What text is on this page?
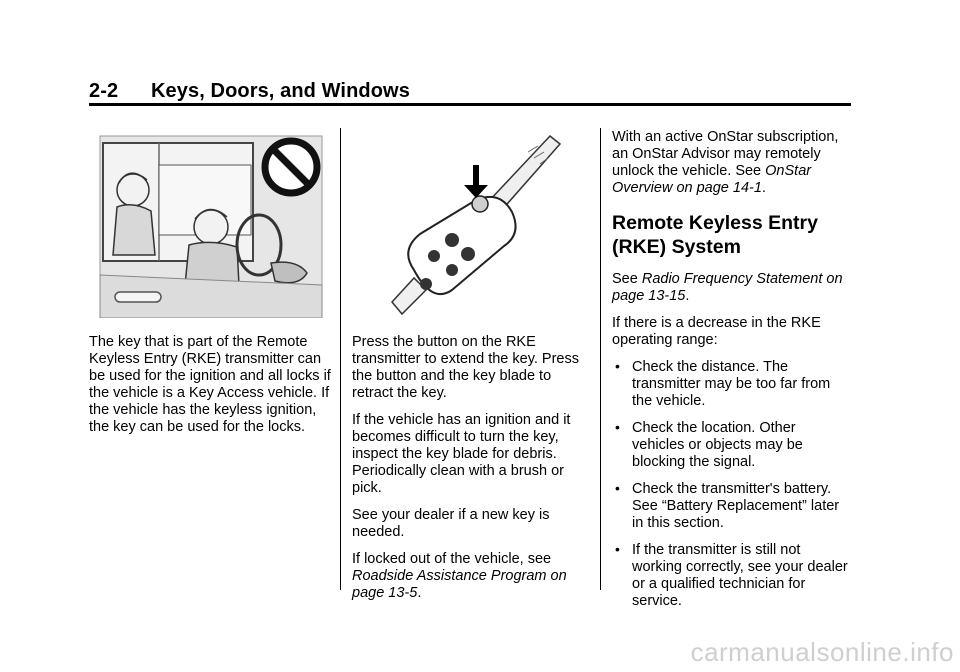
2-2 Keys, Doors, and Windows

The key that is part of the Remote Keyless Entry (RKE) transmitter can be used for the ignition and all locks if the vehicle is a Key Access vehicle. If the vehicle has the keyless ignition, the key can be used for the locks.

Press the button on the RKE transmitter to extend the key. Press the button and the key blade to retract the key.

If the vehicle has an ignition and it becomes difficult to turn the key, inspect the key blade for debris. Periodically clean with a brush or pick.

See your dealer if a new key is needed.

If locked out of the vehicle, see Roadside Assistance Program on page 13-5.

With an active OnStar subscription, an OnStar Advisor may remotely unlock the vehicle. See OnStar Overview on page 14-1.

Remote Keyless Entry (RKE) System

See Radio Frequency Statement on page 13-15.

If there is a decrease in the RKE operating range:

• Check the distance. The transmitter may be too far from the vehicle.
• Check the location. Other vehicles or objects may be blocking the signal.
• Check the transmitter's battery. See “Battery Replacement” later in this section.
• If the transmitter is still not working correctly, see your dealer or a qualified technician for service.
carmanualsonline.info
